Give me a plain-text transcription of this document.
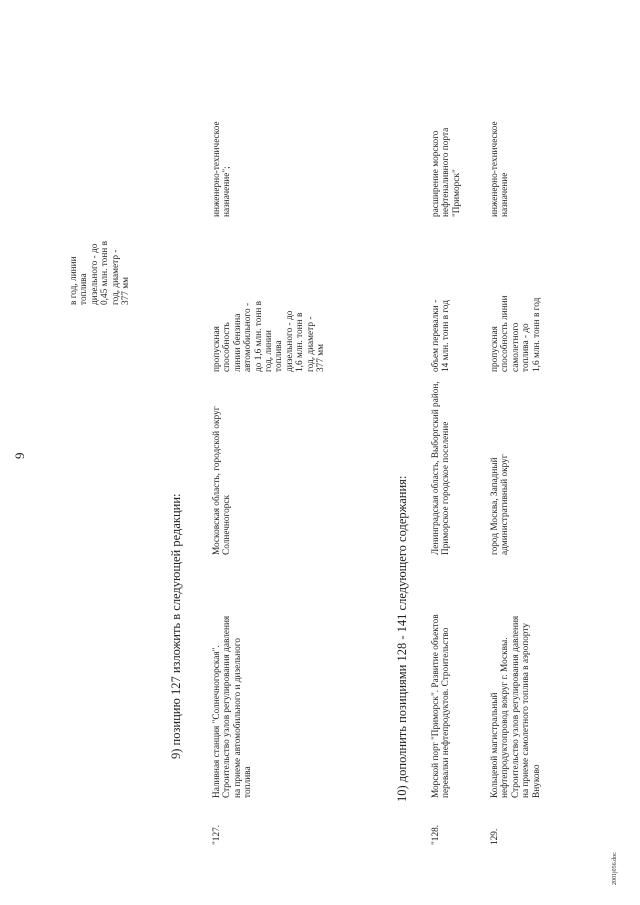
9
в год, линии топлива дизельного - до 0,45 млн. тонн в год, диаметр - 377 мм
9) позицию 127 изложить в следующей редакции:
"127.
Наливная станция "Солнечногорская". Строительство узлов регулирования давления на приеме автомобильного и дизельного топлива
Московская область, городской округ Солнечногорск
пропускная способность линии бензина автомобильного - до 1,6 млн. тонн в год, линии топлива дизельного - до 1,6 млн. тонн в год, диаметр - 377 мм
инженерно-техническое назначение";
10) дополнить позициями 128 - 141 следующего содержания:
"128.
Морской порт "Приморск". Развитие объектов перевалки нефтепродуктов. Строительство
Ленинградская область, Выборгский район, Приморское городское поселение
объем перевалки - 14 млн. тонн в год
расширение морского нефтеналивного порта "Приморск"
129.
Кольцевой магистральный нефтепродуктопровод вокруг г. Москвы. Строительство узлов регулирования давления на приеме самолетного топлива в аэропорту Внуково
город Москва, Западный административный округ
пропускная способность линии самолетного топлива - до 1,6 млн. тонн в год
инженерно-техническое назначение
2001j056.doc
